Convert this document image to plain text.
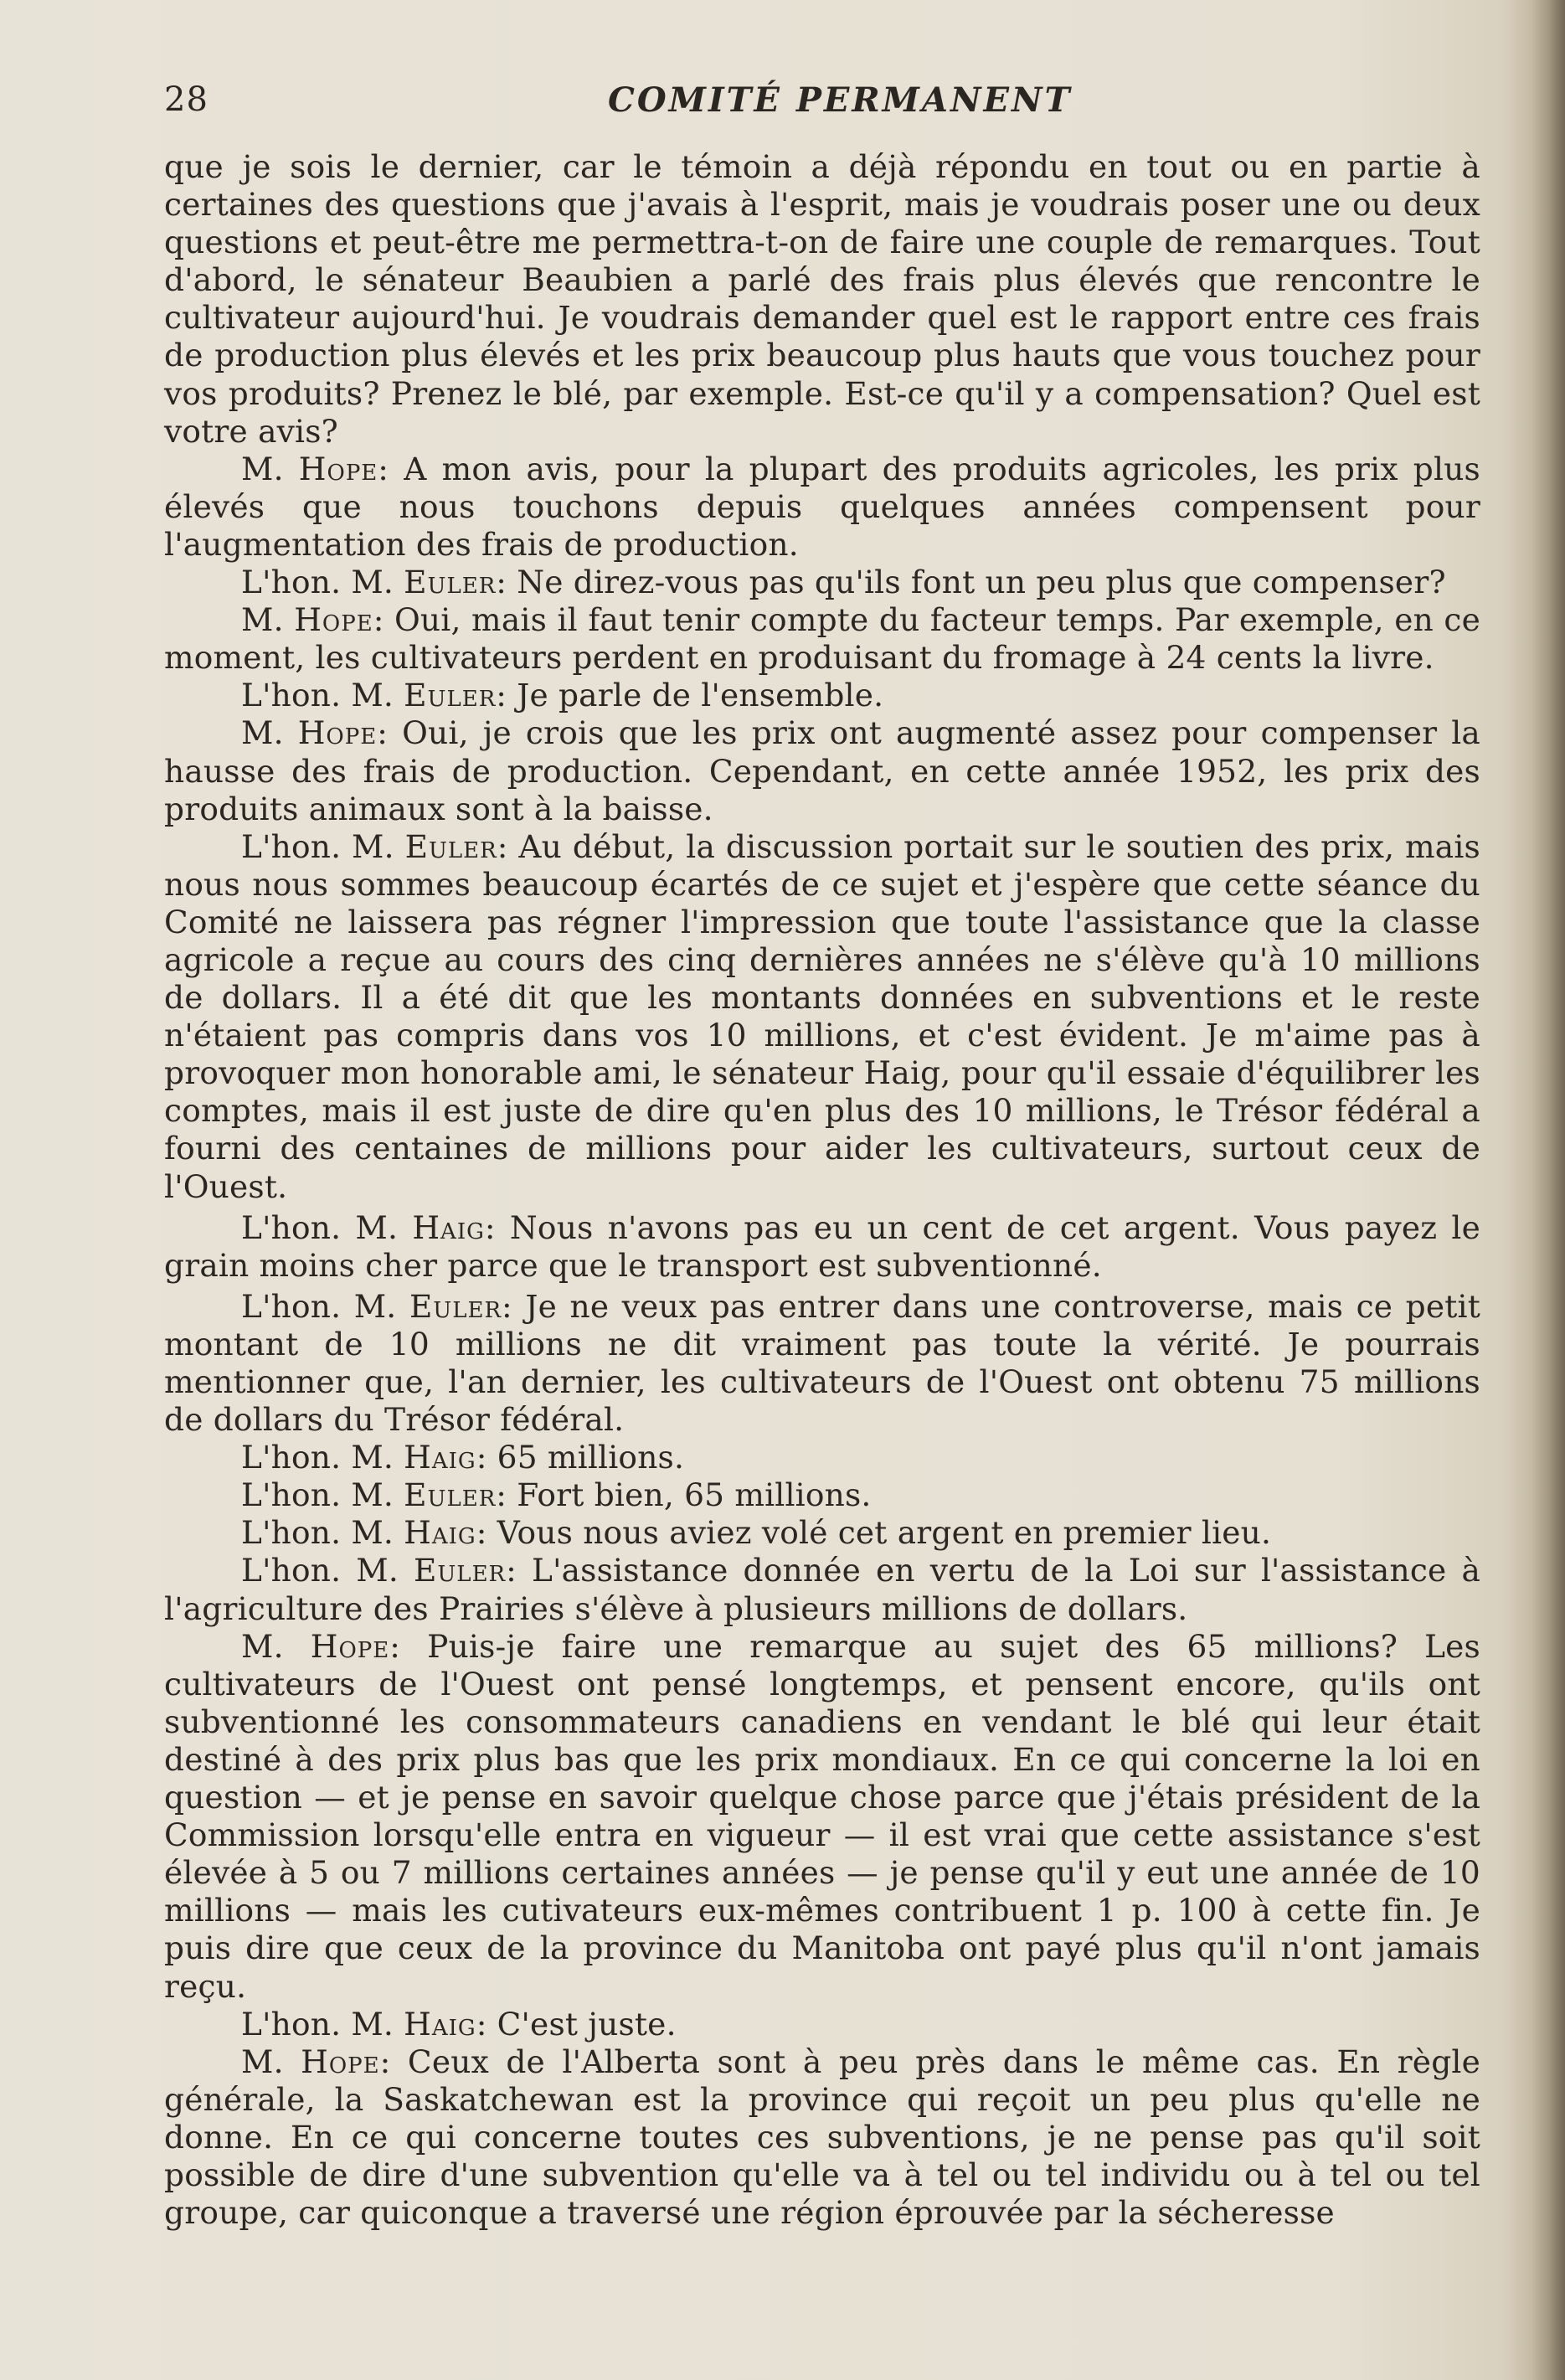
28	COMITÉ PERMANENT

que je sois le dernier, car le témoin a déjà répondu en tout ou en partie à certaines des questions que j'avais à l'esprit, mais je voudrais poser une ou deux questions et peut-être me permettra-t-on de faire une couple de remarques. Tout d'abord, le sénateur Beaubien a parlé des frais plus élevés que rencontre le cultivateur aujourd'hui. Je voudrais demander quel est le rapport entre ces frais de production plus élevés et les prix beaucoup plus hauts que vous touchez pour vos produits? Prenez le blé, par exemple. Est-ce qu'il y a compensation? Quel est votre avis?

M. Hope: A mon avis, pour la plupart des produits agricoles, les prix plus élevés que nous touchons depuis quelques années compensent pour l'augmentation des frais de production.

L'hon. M. Euler: Ne direz-vous pas qu'ils font un peu plus que compenser?

M. Hope: Oui, mais il faut tenir compte du facteur temps. Par exemple, en ce moment, les cultivateurs perdent en produisant du fromage à 24 cents la livre.

L'hon. M. Euler: Je parle de l'ensemble.

M. Hope: Oui, je crois que les prix ont augmenté assez pour compenser la hausse des frais de production. Cependant, en cette année 1952, les prix des produits animaux sont à la baisse.

L'hon. M. Euler: Au début, la discussion portait sur le soutien des prix, mais nous nous sommes beaucoup écartés de ce sujet et j'espère que cette séance du Comité ne laissera pas régner l'impression que toute l'assistance que la classe agricole a reçue au cours des cinq dernières années ne s'élève qu'à 10 millions de dollars. Il a été dit que les montants données en subventions et le reste n'étaient pas compris dans vos 10 millions, et c'est évident. Je m'aime pas à provoquer mon honorable ami, le sénateur Haig, pour qu'il essaie d'équilibrer les comptes, mais il est juste de dire qu'en plus des 10 millions, le Trésor fédéral a fourni des centaines de millions pour aider les cultivateurs, surtout ceux de l'Ouest.

L'hon. M. Haig: Nous n'avons pas eu un cent de cet argent. Vous payez le grain moins cher parce que le transport est subventionné.

L'hon. M. Euler: Je ne veux pas entrer dans une controverse, mais ce petit montant de 10 millions ne dit vraiment pas toute la vérité. Je pourrais mentionner que, l'an dernier, les cultivateurs de l'Ouest ont obtenu 75 millions de dollars du Trésor fédéral.

L'hon. M. Haig: 65 millions.

L'hon. M. Euler: Fort bien, 65 millions.

L'hon. M. Haig: Vous nous aviez volé cet argent en premier lieu.

L'hon. M. Euler: L'assistance donnée en vertu de la Loi sur l'assistance à l'agriculture des Prairies s'élève à plusieurs millions de dollars.

M. Hope: Puis-je faire une remarque au sujet des 65 millions? Les cultivateurs de l'Ouest ont pensé longtemps, et pensent encore, qu'ils ont subventionné les consommateurs canadiens en vendant le blé qui leur était destiné à des prix plus bas que les prix mondiaux. En ce qui concerne la loi en question — et je pense en savoir quelque chose parce que j'étais président de la Commission lorsqu'elle entra en vigueur — il est vrai que cette assistance s'est élevée à 5 ou 7 millions certaines années — je pense qu'il y eut une année de 10 millions — mais les cutivateurs eux-mêmes contribuent 1 p. 100 à cette fin. Je puis dire que ceux de la province du Manitoba ont payé plus qu'il n'ont jamais reçu.

L'hon. M. Haig: C'est juste.

M. Hope: Ceux de l'Alberta sont à peu près dans le même cas. En règle générale, la Saskatchewan est la province qui reçoit un peu plus qu'elle ne donne. En ce qui concerne toutes ces subventions, je ne pense pas qu'il soit possible de dire d'une subvention qu'elle va à tel ou tel individu ou à tel ou tel groupe, car quiconque a traversé une région éprouvée par la sécheresse
